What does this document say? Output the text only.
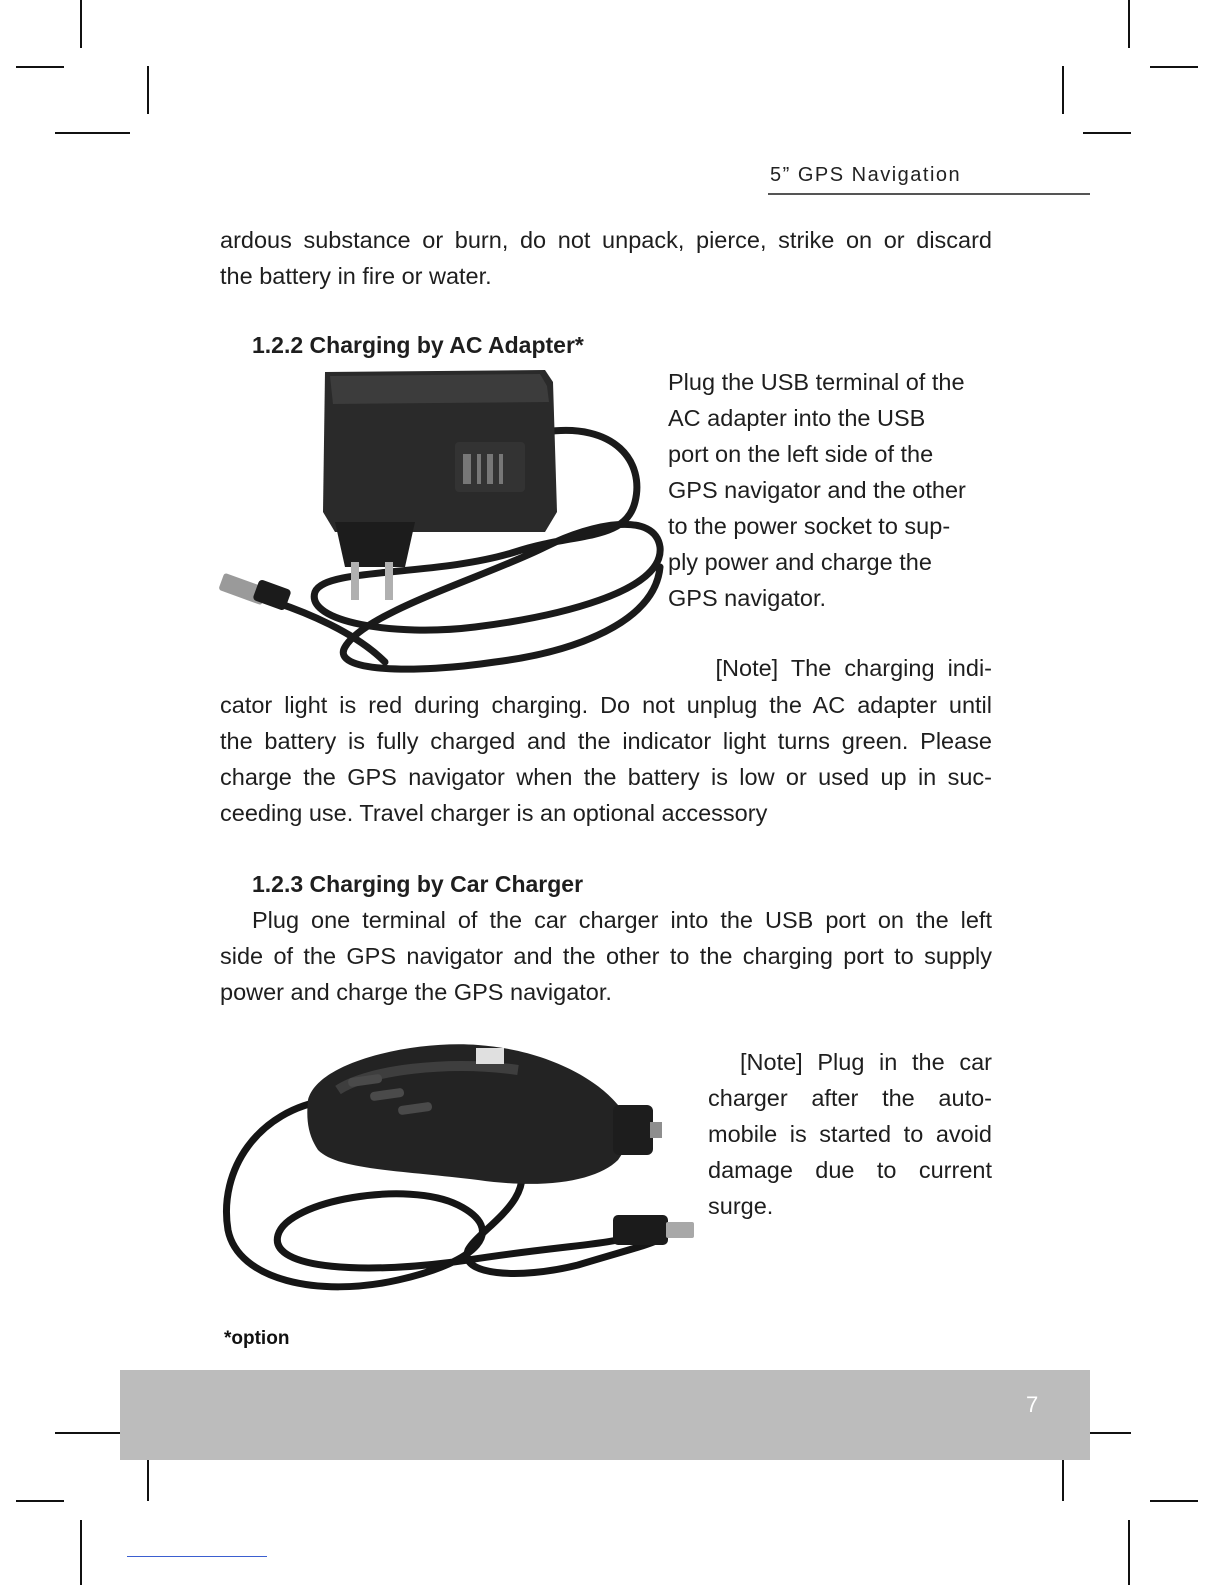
5” GPS Navigation
ardous substance or burn, do not unpack, pierce, strike on or discard
the battery in fire or water.
1.2.2 Charging by AC Adapter*
Plug the USB terminal of the
AC adapter into the USB
port on the left side of the
GPS navigator and the other
to the power socket to sup-
ply power and charge the
GPS navigator.
[Note]  The  charging  indi-
cator light is red during charging. Do not unplug the AC adapter until
the battery is fully charged and the indicator light turns green. Please
charge the GPS navigator when the battery is low or used up in suc-
ceeding use. Travel charger is an optional accessory
1.2.3 Charging by Car Charger
Plug one terminal of the car charger into the USB port on the left
side of the GPS navigator and the other to the charging port to supply
power and charge the GPS navigator.
[Note]  Plug  in  the  car
charger after the auto-
mobile is started to avoid
damage due to current
surge.
*option
7
